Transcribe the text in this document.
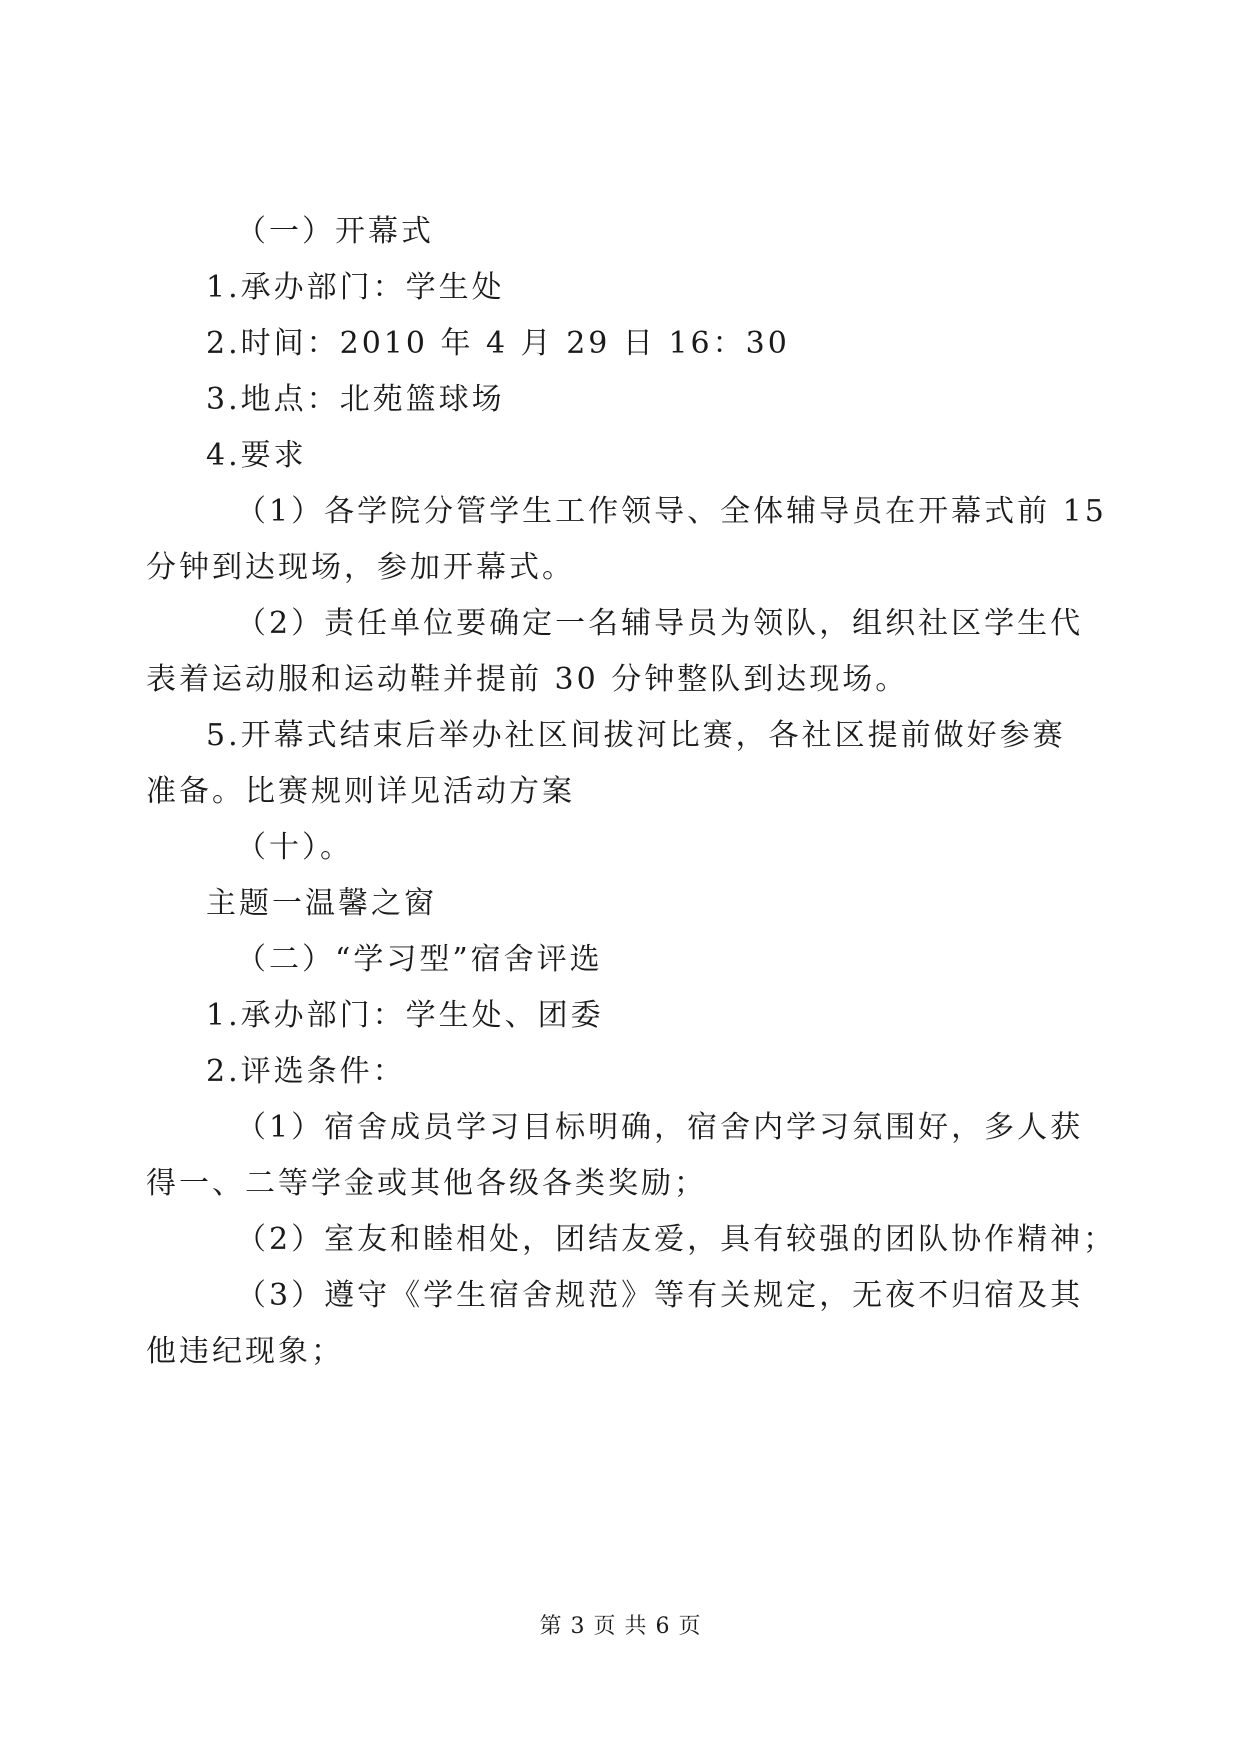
（一）开幕式
1.承办部门：学生处
2.时间：2010 年 4 月 29 日 16：30
3.地点：北苑篮球场
4.要求
（1）各学院分管学生工作领导、全体辅导员在开幕式前 15
分钟到达现场，参加开幕式。
（2）责任单位要确定一名辅导员为领队，组织社区学生代
表着运动服和运动鞋并提前 30 分钟整队到达现场。
5.开幕式结束后举办社区间拔河比赛，各社区提前做好参赛
准备。比赛规则详见活动方案
（十）。
主题一温馨之窗
（二）“学习型”宿舍评选
1.承办部门：学生处、团委
2.评选条件：
（1）宿舍成员学习目标明确，宿舍内学习氛围好，多人获
得一、二等学金或其他各级各类奖励；
（2）室友和睦相处，团结友爱，具有较强的团队协作精神；
（3）遵守《学生宿舍规范》等有关规定，无夜不归宿及其
他违纪现象；
第 3 页 共 6 页
